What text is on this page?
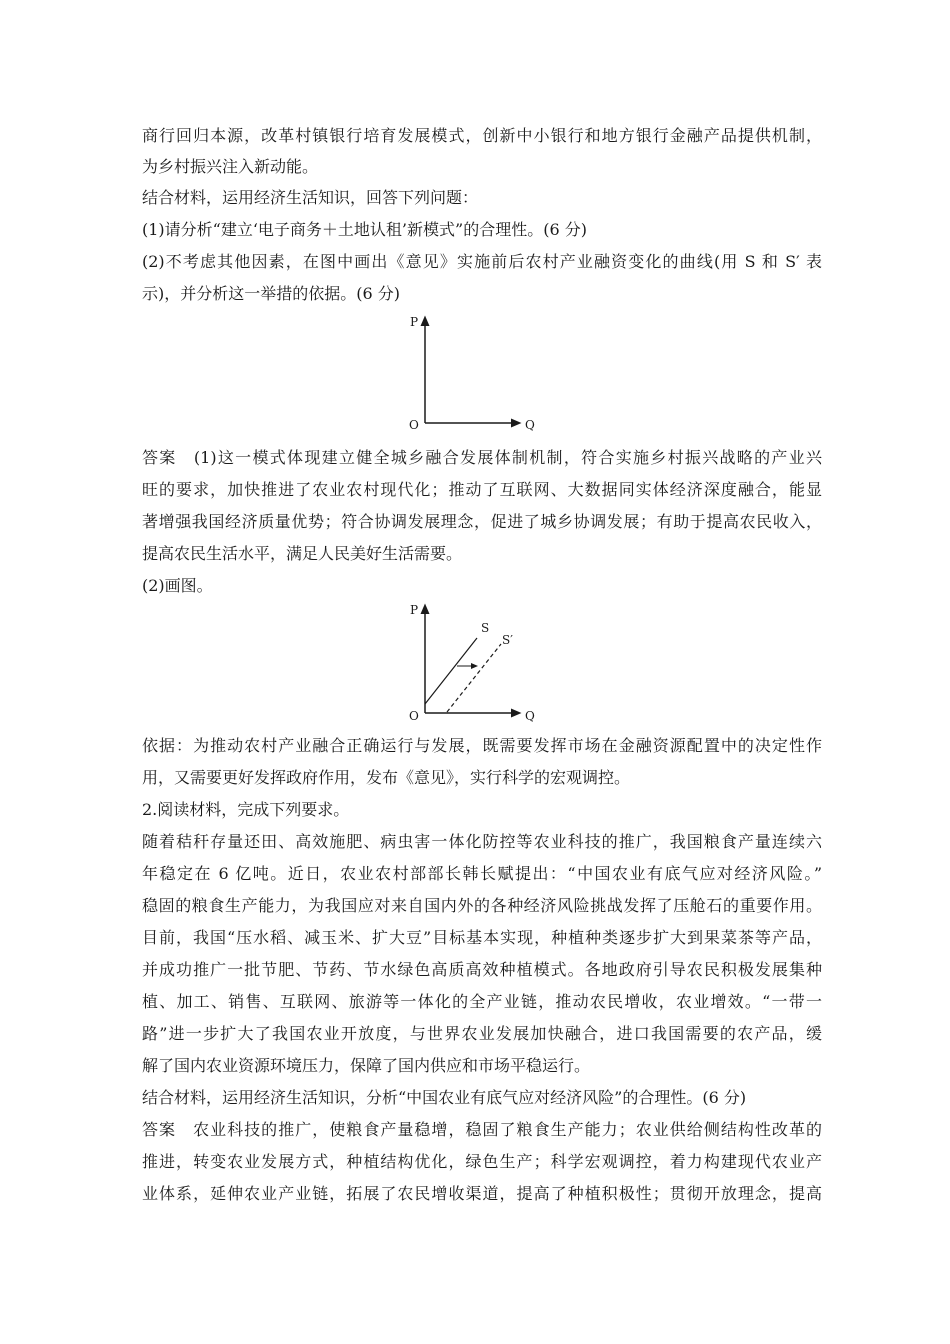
商行回归本源，改革村镇银行培育发展模式，创新中小银行和地方银行金融产品提供机制，
为乡村振兴注入新动能。
结合材料，运用经济生活知识，回答下列问题：
(1)请分析“建立‘电子商务＋土地认租’新模式”的合理性。(6 分)
(2)不考虑其他因素，在图中画出《意见》实施前后农村产业融资变化的曲线(用 S 和 S′ 表
示)，并分析这一举措的依据。(6 分)
P
O	Q
答案　(1)这一模式体现建立健全城乡融合发展体制机制，符合实施乡村振兴战略的产业兴
旺的要求，加快推进了农业农村现代化；推动了互联网、大数据同实体经济深度融合，能显
著增强我国经济质量优势；符合协调发展理念，促进了城乡协调发展；有助于提高农民收入，
提高农民生活水平，满足人民美好生活需要。
(2)画图。
P
S
S′
O	Q
依据：为推动农村产业融合正确运行与发展，既需要发挥市场在金融资源配置中的决定性作
用，又需要更好发挥政府作用，发布《意见》，实行科学的宏观调控。
2.阅读材料，完成下列要求。
随着秸秆存量还田、高效施肥、病虫害一体化防控等农业科技的推广，我国粮食产量连续六
年稳定在 6 亿吨。近日，农业农村部部长韩长赋提出：“中国农业有底气应对经济风险。”
稳固的粮食生产能力，为我国应对来自国内外的各种经济风险挑战发挥了压舱石的重要作用。
目前，我国“压水稻、减玉米、扩大豆”目标基本实现，种植种类逐步扩大到果菜茶等产品，
并成功推广一批节肥、节药、节水绿色高质高效种植模式。各地政府引导农民积极发展集种
植、加工、销售、互联网、旅游等一体化的全产业链，推动农民增收，农业增效。“一带一
路”进一步扩大了我国农业开放度，与世界农业发展加快融合，进口我国需要的农产品，缓
解了国内农业资源环境压力，保障了国内供应和市场平稳运行。
结合材料，运用经济生活知识，分析“中国农业有底气应对经济风险”的合理性。(6 分)
答案　农业科技的推广，使粮食产量稳增，稳固了粮食生产能力；农业供给侧结构性改革的
推进，转变农业发展方式，种植结构优化，绿色生产；科学宏观调控，着力构建现代农业产
业体系，延伸农业产业链，拓展了农民增收渠道，提高了种植积极性；贯彻开放理念，提高
